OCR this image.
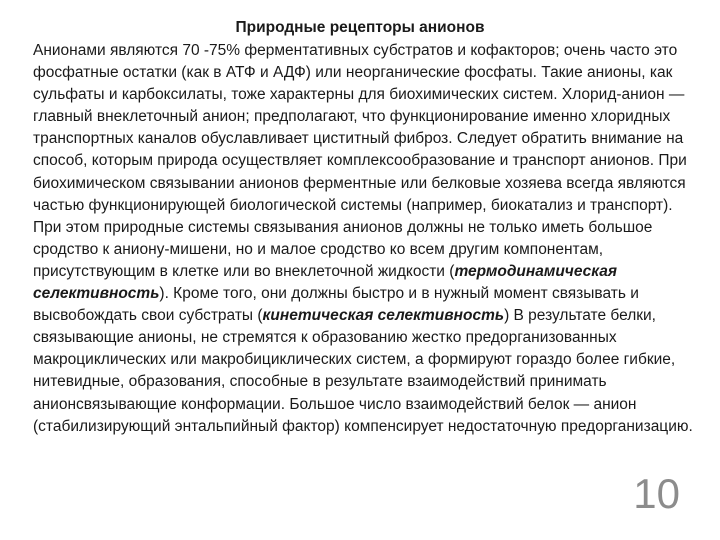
Природные рецепторы анионов

Анионами являются 70 -75% ферментативных субстратов и кофакторов; очень часто это фосфатные остатки (как в АТФ и АДФ) или неорганические фосфаты. Такие анионы, как сульфаты и карбоксилаты, тоже характерны для биохимических систем. Хлорид-анион — главный внеклеточный анион; предполагают, что функционирование именно хлоридных транспортных каналов обуславливает циститный фиброз. Следует обратить внимание на способ, которым природа осуществляет комплексообразование и транспорт анионов. При биохимическом связывании анионов ферментные или белковые хозяева всегда являются частью функционирующей биологической системы (например, биокатализ и транспорт). При этом природные системы связывания анионов должны не только иметь большое сродство к аниону-мишени, но и малое сродство ко всем другим компонентам, присутствующим в клетке или во внеклеточной жидкости (термодинамическая селективность). Кроме того, они должны быстро и в нужный момент связывать и высвобождать свои субстраты (кинетическая селективность) В результате белки, связывающие анионы, не стремятся к образованию жестко предорганизованных макроциклических или макробициклических систем, а формируют гораздо более гибкие, нитевидные, образования, способные в результате взаимодействий принимать анионсвязывающие конформации. Большое число взаимодействий белок — анион (стабилизирующий энтальпийный фактор) компенсирует недостаточную предорганизацию.

10
